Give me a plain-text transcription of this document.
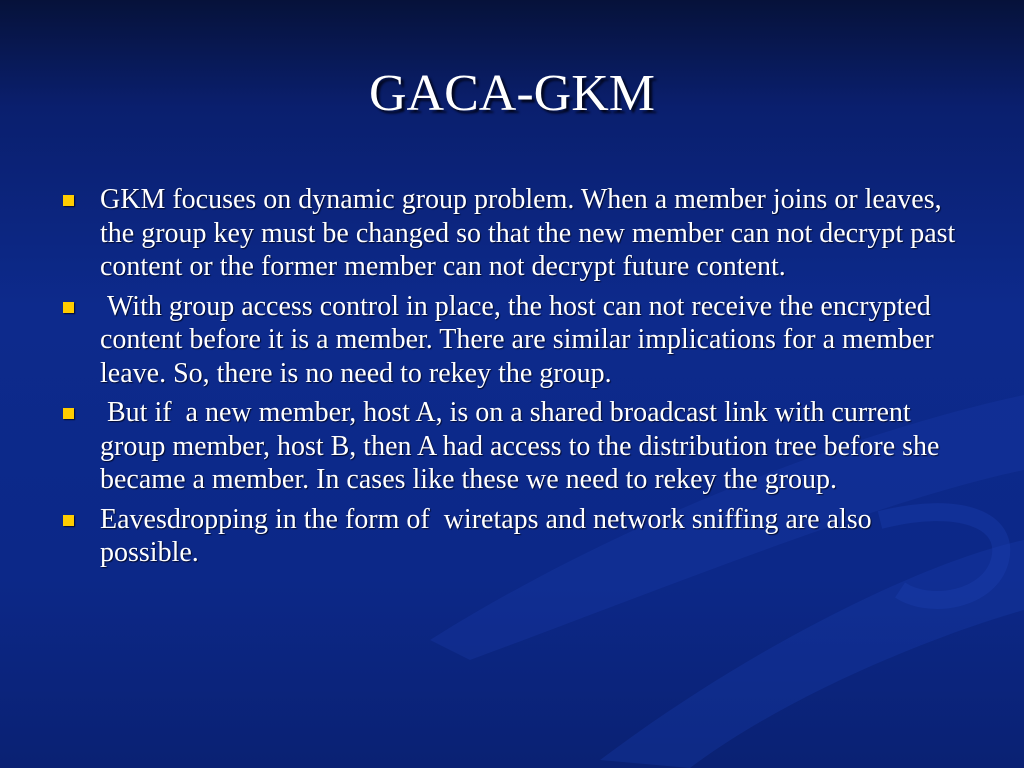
GACA-GKM
GKM focuses on dynamic group problem. When a member joins or leaves, the group key must be changed so that the new member can not decrypt past content or the former member can not decrypt future content.
With group access control in place, the host can not receive the encrypted content before it is a member. There are similar implications for a member leave. So, there is no need to rekey the group.
But if  a new member, host A, is on a shared broadcast link with current group member, host B, then A had access to the distribution tree before she became a member. In cases like these we need to rekey the group.
Eavesdropping in the form of  wiretaps and network sniffing are also possible.
